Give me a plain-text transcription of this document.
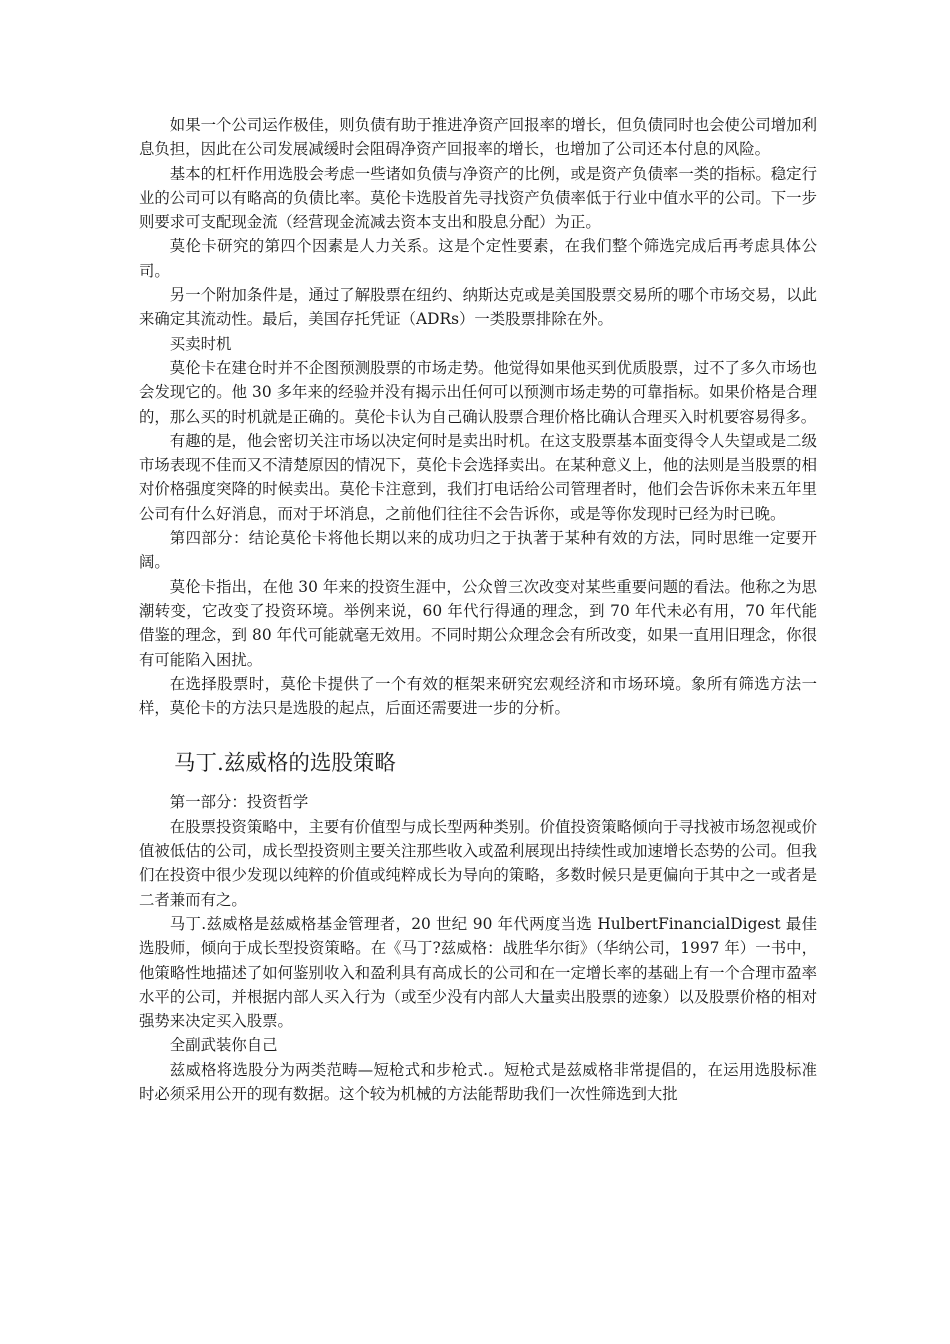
如果一个公司运作极佳，则负债有助于推进净资产回报率的增长，但负债同时也会使公司增加利息负担，因此在公司发展减缓时会阻碍净资产回报率的增长，也增加了公司还本付息的风险。

基本的杠杆作用选股会考虑一些诸如负债与净资产的比例，或是资产负债率一类的指标。稳定行业的公司可以有略高的负债比率。莫伦卡选股首先寻找资产负债率低于行业中值水平的公司。下一步则要求可支配现金流（经营现金流减去资本支出和股息分配）为正。

莫伦卡研究的第四个因素是人力关系。这是个定性要素，在我们整个筛选完成后再考虑具体公司。

另一个附加条件是，通过了解股票在纽约、纳斯达克或是美国股票交易所的哪个市场交易，以此来确定其流动性。最后，美国存托凭证（ADRs）一类股票排除在外。

买卖时机

莫伦卡在建仓时并不企图预测股票的市场走势。他觉得如果他买到优质股票，过不了多久市场也会发现它的。他 30 多年来的经验并没有揭示出任何可以预测市场走势的可靠指标。如果价格是合理的，那么买的时机就是正确的。莫伦卡认为自己确认股票合理价格比确认合理买入时机要容易得多。

有趣的是，他会密切关注市场以决定何时是卖出时机。在这支股票基本面变得令人失望或是二级市场表现不佳而又不清楚原因的情况下，莫伦卡会选择卖出。在某种意义上，他的法则是当股票的相对价格强度突降的时候卖出。莫伦卡注意到，我们打电话给公司管理者时，他们会告诉你未来五年里公司有什么好消息，而对于坏消息，之前他们往往不会告诉你，或是等你发现时已经为时已晚。

第四部分：结论莫伦卡将他长期以来的成功归之于执著于某种有效的方法，同时思维一定要开阔。

莫伦卡指出，在他 30 年来的投资生涯中，公众曾三次改变对某些重要问题的看法。他称之为思潮转变，它改变了投资环境。举例来说，60 年代行得通的理念，到 70 年代未必有用，70 年代能借鉴的理念，到 80 年代可能就毫无效用。不同时期公众理念会有所改变，如果一直用旧理念，你很有可能陷入困扰。

在选择股票时，莫伦卡提供了一个有效的框架来研究宏观经济和市场环境。象所有筛选方法一样，莫伦卡的方法只是选股的起点，后面还需要进一步的分析。

马丁.兹威格的选股策略

第一部分：投资哲学

在股票投资策略中，主要有价值型与成长型两种类别。价值投资策略倾向于寻找被市场忽视或价值被低估的公司，成长型投资则主要关注那些收入或盈利展现出持续性或加速增长态势的公司。但我们在投资中很少发现以纯粹的价值或纯粹成长为导向的策略，多数时候只是更偏向于其中之一或者是二者兼而有之。

马丁.兹威格是兹威格基金管理者，20 世纪 90 年代两度当选 HulbertFinancialDigest 最佳选股师，倾向于成长型投资策略。在《马丁?兹威格：战胜华尔街》（华纳公司，1997 年）一书中，他策略性地描述了如何鉴别收入和盈利具有高成长的公司和在一定增长率的基础上有一个合理市盈率水平的公司，并根据内部人买入行为（或至少没有内部人大量卖出股票的迹象）以及股票价格的相对强势来决定买入股票。

全副武装你自己

兹威格将选股分为两类范畴—短枪式和步枪式.。短枪式是兹威格非常提倡的，在运用选股标准时必须采用公开的现有数据。这个较为机械的方法能帮助我们一次性筛选到大批
